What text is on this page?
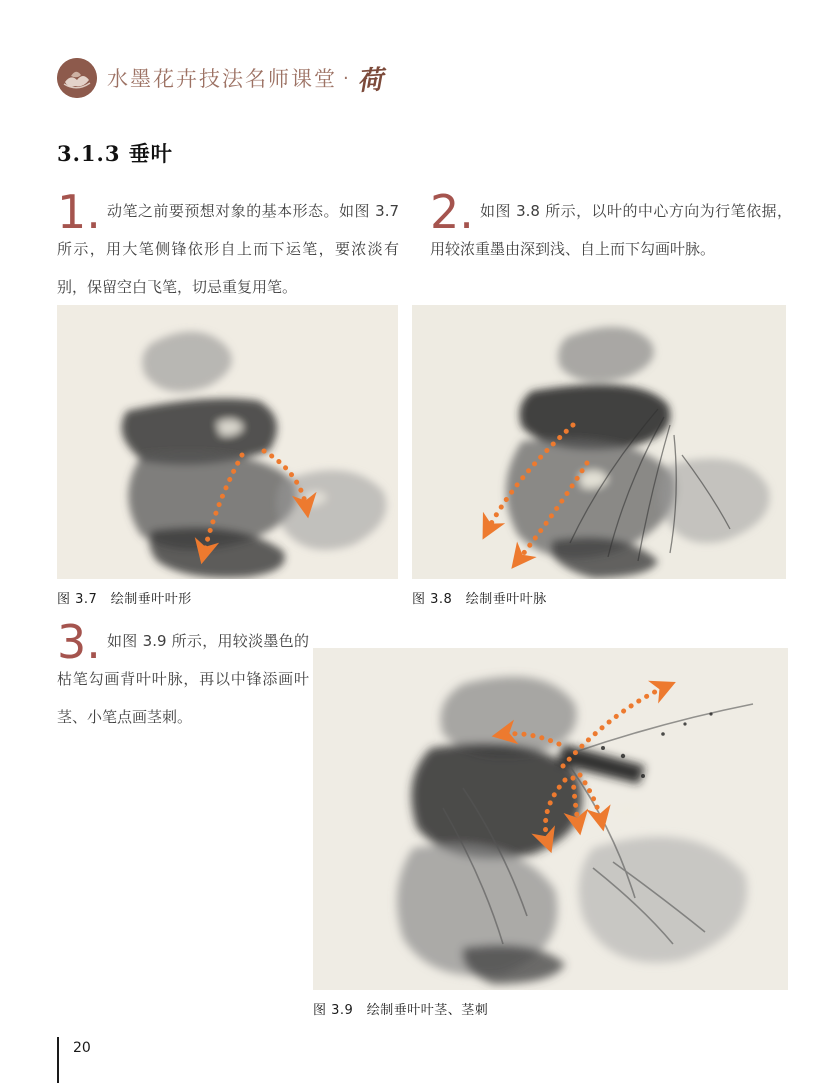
水墨花卉技法名师课堂 · 荷
3.1.3 垂叶
1. 动笔之前要预想对象的基本形态。如图 3.7 所示，用大笔侧锋依形自上而下运笔，要浓淡有别，保留空白飞笔，切忌重复用笔。
2. 如图 3.8 所示，以叶的中心方向为行笔依据，用较浓重墨由深到浅、自上而下勾画叶脉。
图 3.7　绘制垂叶叶形	图 3.8　绘制垂叶叶脉
3. 如图 3.9 所示，用较淡墨色的枯笔勾画背叶叶脉，再以中锋添画叶茎、小笔点画茎刺。
图 3.9　绘制垂叶叶茎、茎刺
20
